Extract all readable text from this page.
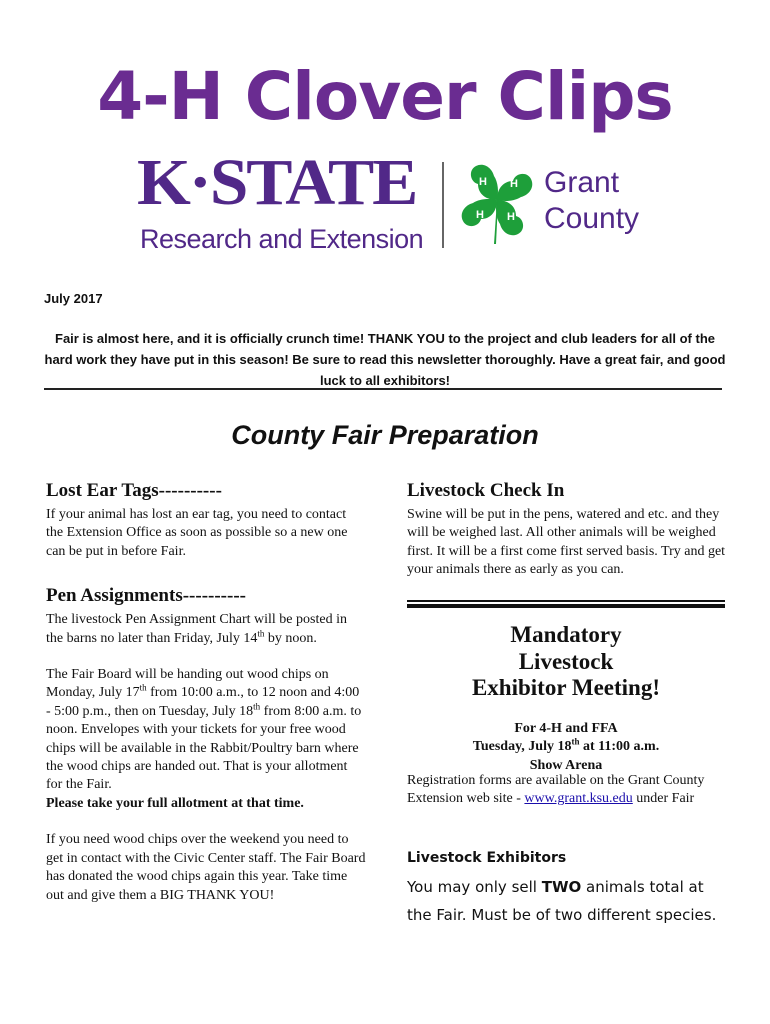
4-H Clover Clips
K·STATE
Research and Extension
H H
H
H
Grant
County
July 2017
Fair is almost here, and it is officially crunch time! THANK YOU to the project and club leaders for all of the hard work they have put in this season! Be sure to read this newsletter thoroughly. Have a great fair, and good luck to all exhibitors!
County Fair Preparation

Lost Ear Tags----------

If your animal has lost an ear tag, you need to contact the Extension Office as soon as possible so a new one can be put in before Fair.

Pen Assignments----------

The livestock Pen Assignment Chart will be posted in the barns no later than Friday, July 14th by noon.

The Fair Board will be handing out wood chips on Monday, July 17th from 10:00 a.m., to 12 noon and 4:00 - 5:00 p.m., then on Tuesday, July 18th from 8:00 a.m. to noon. Envelopes with your tickets for your free wood chips will be available in the Rabbit/Poultry barn where the wood chips are handed out. That is your allotment for the Fair.
Please take your full allotment at that time.

If you need wood chips over the weekend you need to get in contact with the Civic Center staff. The Fair Board has donated the wood chips again this year. Take time out and give them a BIG THANK YOU!

Livestock Check In

Swine will be put in the pens, watered and etc. and they will be weighed last. All other animals will be weighed first. It will be a first come first served basis. Try and get your animals there as early as you can.

Mandatory
Livestock
Exhibitor Meeting!
For 4-H and FFA
Tuesday, July 18th at 11:00 a.m.
Show Arena
Registration forms are available on the Grant County Extension web site - www.grant.ksu.edu under Fair
Livestock Exhibitors
You may only sell TWO animals total at the Fair. Must be of two different species.
